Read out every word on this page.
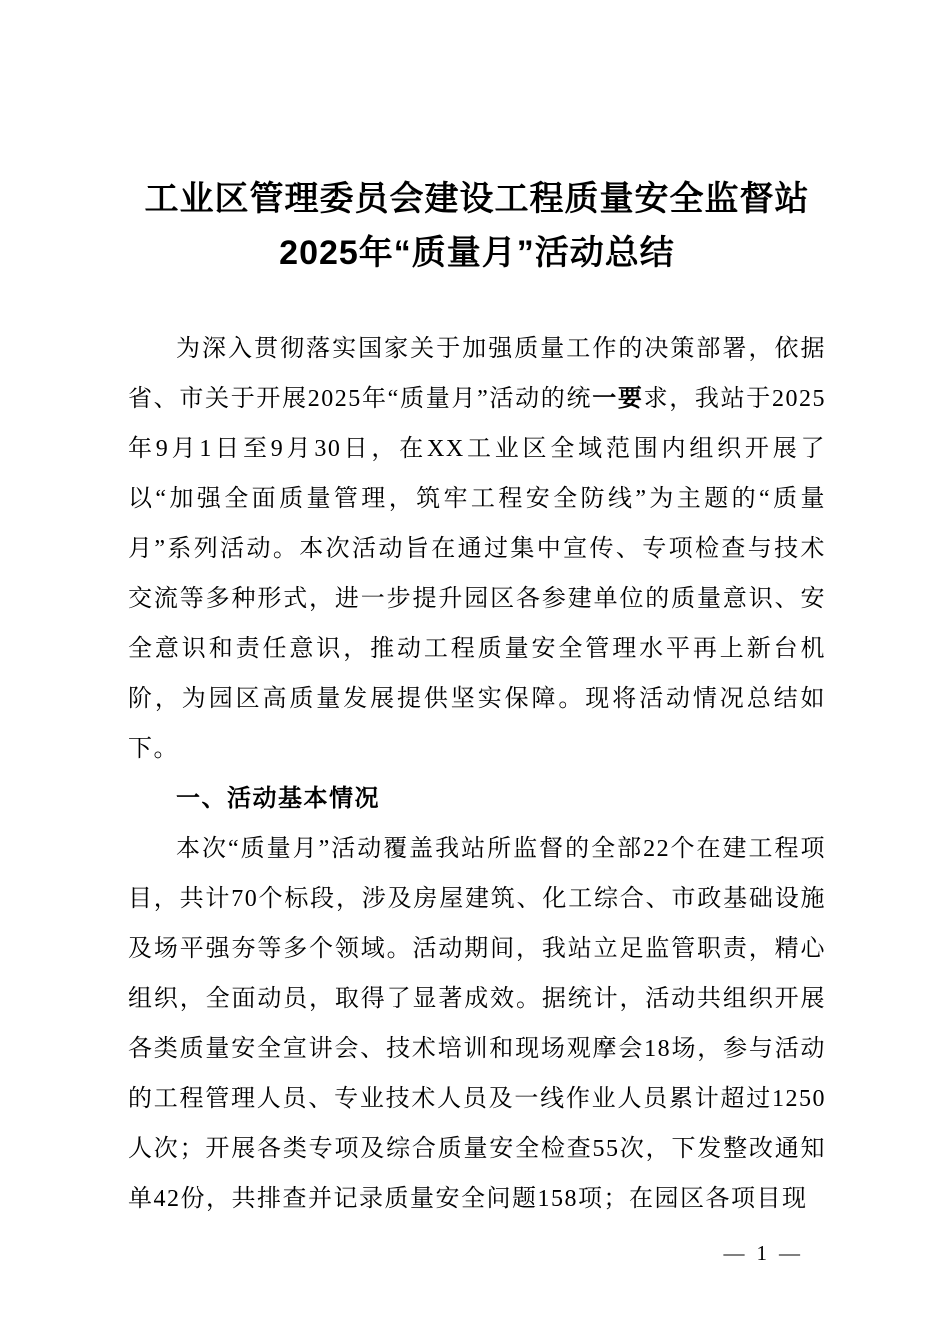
工业区管理委员会建设工程质量安全监督站
2025年“质量月”活动总结

为深入贯彻落实国家关于加强质量工作的决策部署，依据省、市关于开展2025年“质量月”活动的统一要求，我站于2025年9月1日至9月30日，在XX工业区全域范围内组织开展了以“加强全面质量管理，筑牢工程安全防线”为主题的“质量月”系列活动。本次活动旨在通过集中宣传、专项检查与技术交流等多种形式，进一步提升园区各参建单位的质量意识、安全意识和责任意识，推动工程质量安全管理水平再上新台机阶，为园区高质量发展提供坚实保障。现将活动情况总结如下。

一、活动基本情况

本次“质量月”活动覆盖我站所监督的全部22个在建工程项目，共计70个标段，涉及房屋建筑、化工综合、市政基础设施及场平强夯等多个领域。活动期间，我站立足监管职责，精心组织，全面动员，取得了显著成效。据统计，活动共组织开展各类质量安全宣讲会、技术培训和现场观摩会18场，参与活动的工程管理人员、专业技术人员及一线作业人员累计超过1250人次；开展各类专项及综合质量安全检查55次，下发整改通知单42份，共排查并记录质量安全问题158项；在园区各项目现

— 1 —
